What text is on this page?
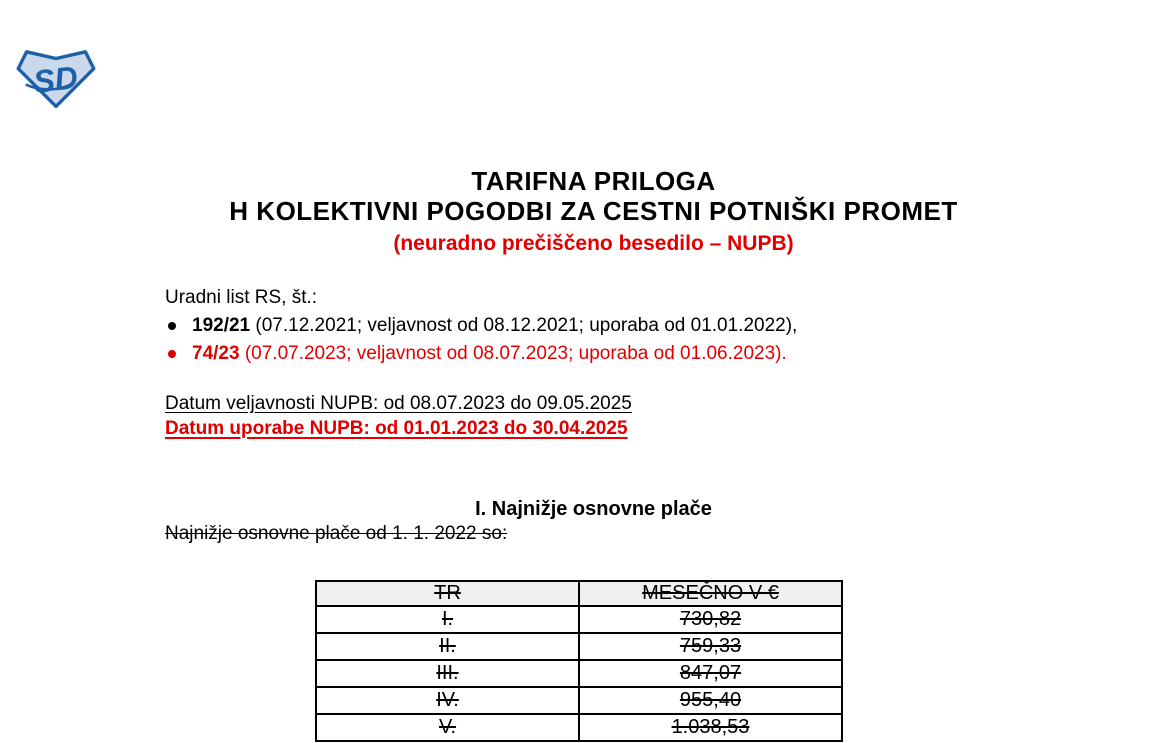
SD
TARIFNA PRILOGA
H KOLEKTIVNI POGODBI ZA CESTNI POTNIŠKI PROMET
(neuradno prečiščeno besedilo – NUPB)
Uradni list RS, št.:
192/21 (07.12.2021; veljavnost od 08.12.2021; uporaba od 01.01.2022),
74/23 (07.07.2023; veljavnost od 08.07.2023; uporaba od 01.06.2023).
Datum veljavnosti NUPB: od 08.07.2023 do 09.05.2025
Datum uporabe NUPB: od 01.01.2023 do 30.04.2025
I. Najnižje osnovne plače
Najnižje osnovne plače od 1. 1. 2022 so:
TR	MESEČNO V €
I.	730,82
II.	759,33
III.	847,07
IV.	955,40
V.	1.038,53
